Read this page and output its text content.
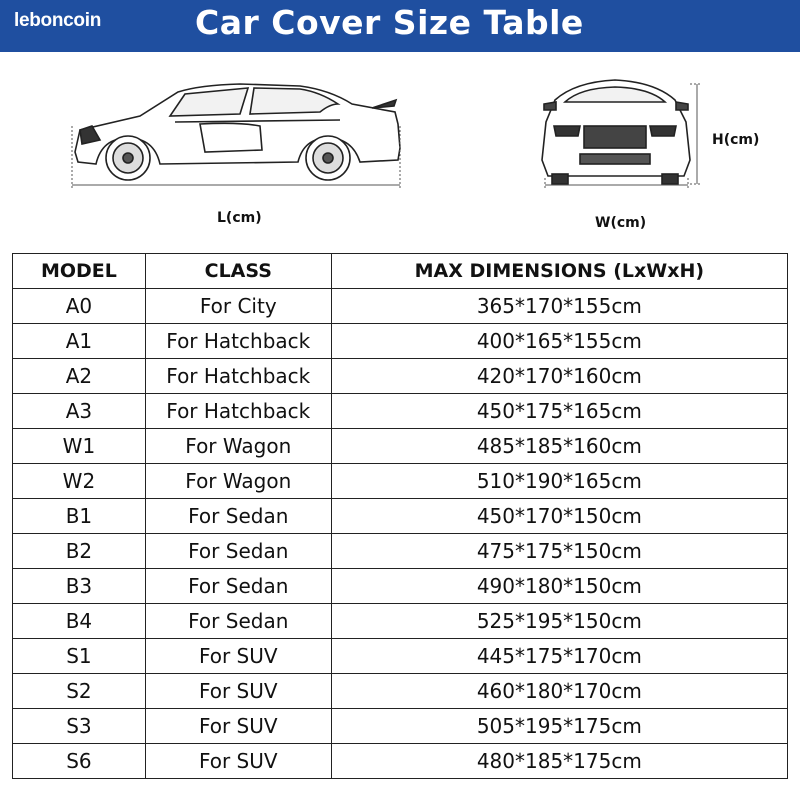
leboncoin	Car Cover Size Table
L(cm)	W(cm)
H(cm)
MODEL	CLASS	MAX DIMENSIONS (LxWxH)
A0	For City	365*170*155cm
A1	For Hatchback	400*165*155cm
A2	For Hatchback	420*170*160cm
A3	For Hatchback	450*175*165cm
W1	For Wagon	485*185*160cm
W2	For Wagon	510*190*165cm
B1	For Sedan	450*170*150cm
B2	For Sedan	475*175*150cm
B3	For Sedan	490*180*150cm
B4	For Sedan	525*195*150cm
S1	For SUV	445*175*170cm
S2	For SUV	460*180*170cm
S3	For SUV	505*195*175cm
S6	For SUV	480*185*175cm
